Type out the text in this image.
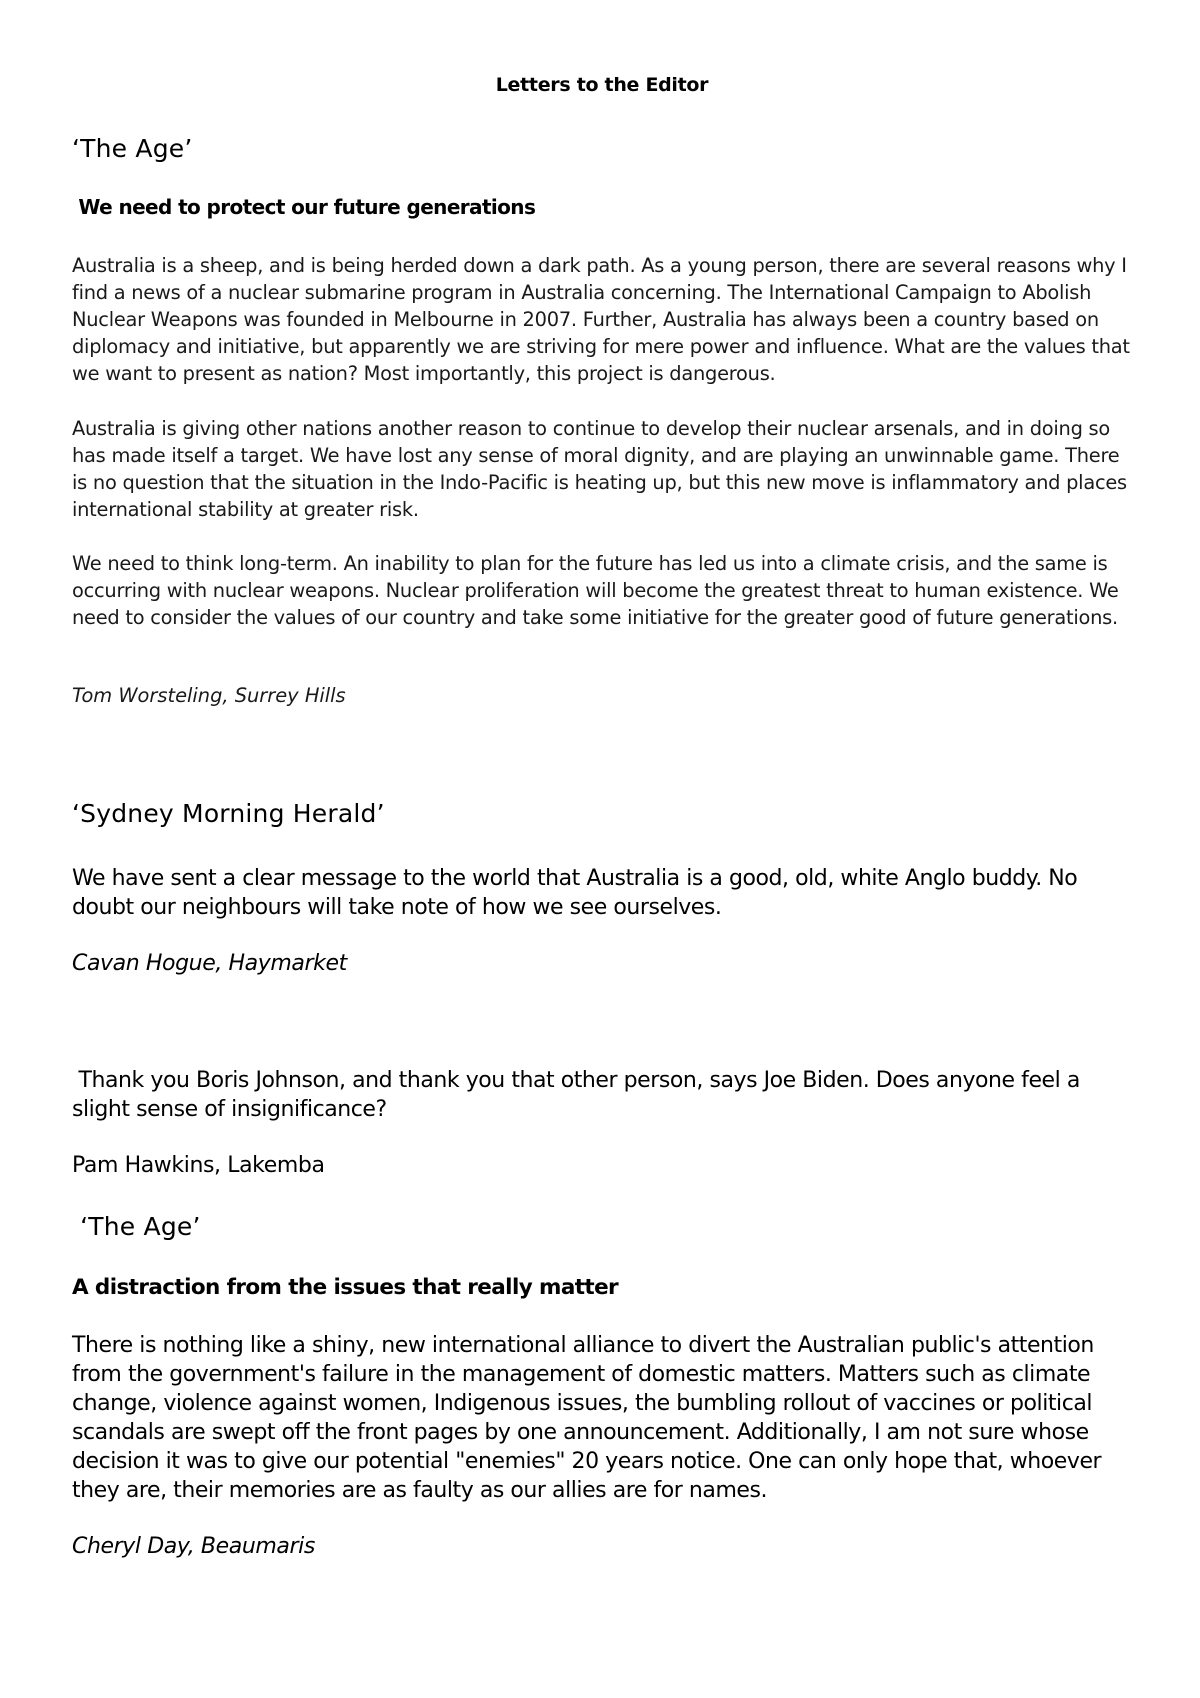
Letters to the Editor
‘The Age’
We need to protect our future generations
Australia is a sheep, and is being herded down a dark path. As a young person, there are several reasons why I find a news of a nuclear submarine program in Australia concerning. The International Campaign to Abolish Nuclear Weapons was founded in Melbourne in 2007. Further, Australia has always been a country based on diplomacy and initiative, but apparently we are striving for mere power and influence. What are the values that we want to present as nation? Most importantly, this project is dangerous.
Australia is giving other nations another reason to continue to develop their nuclear arsenals, and in doing so has made itself a target. We have lost any sense of moral dignity, and are playing an unwinnable game. There is no question that the situation in the Indo-Pacific is heating up, but this new move is inflammatory and places international stability at greater risk.
We need to think long-term. An inability to plan for the future has led us into a climate crisis, and the same is occurring with nuclear weapons. Nuclear proliferation will become the greatest threat to human existence. We need to consider the values of our country and take some initiative for the greater good of future generations.
Tom Worsteling, Surrey Hills
‘Sydney Morning Herald’
We have sent a clear message to the world that Australia is a good, old, white Anglo buddy. No doubt our neighbours will take note of how we see ourselves.
Cavan Hogue, Haymarket
Thank you Boris Johnson, and thank you that other person, says Joe Biden. Does anyone feel a slight sense of insignificance?
Pam Hawkins, Lakemba
‘The Age’
A distraction from the issues that really matter
There is nothing like a shiny, new international alliance to divert the Australian public's attention from the government's failure in the management of domestic matters. Matters such as climate change, violence against women, Indigenous issues, the bumbling rollout of vaccines or political scandals are swept off the front pages by one announcement. Additionally, I am not sure whose decision it was to give our potential "enemies" 20 years notice. One can only hope that, whoever they are, their memories are as faulty as our allies are for names.
Cheryl Day, Beaumaris
